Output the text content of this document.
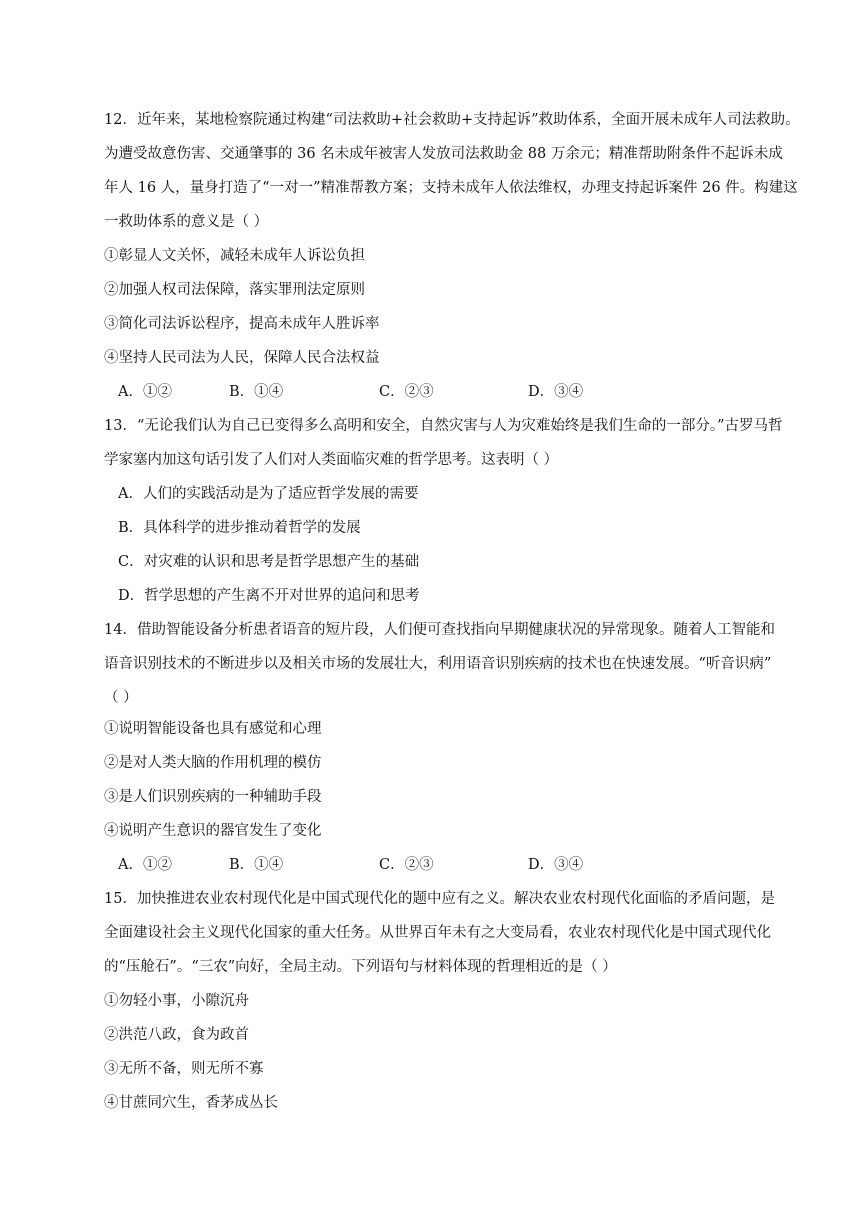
12．近年来，某地检察院通过构建“司法救助+社会救助+支持起诉”救助体系，全面开展未成年人司法救助。
为遭受故意伤害、交通肇事的 36 名未成年被害人发放司法救助金 88 万余元；精准帮助附条件不起诉未成
年人 16 人，量身打造了“一对一”精准帮教方案；支持未成年人依法维权，办理支持起诉案件 26 件。构建这
一救助体系的意义是（ ）
①彰显人文关怀，减轻未成年人诉讼负担
②加强人权司法保障，落实罪刑法定原则
③简化司法诉讼程序，提高未成年人胜诉率
④坚持人民司法为人民，保障人民合法权益
A．①②	B．①④	C．②③	D．③④
13．“无论我们认为自己已变得多么高明和安全，自然灾害与人为灾难始终是我们生命的一部分。”古罗马哲
学家塞内加这句话引发了人们对人类面临灾难的哲学思考。这表明（ ）
A．人们的实践活动是为了适应哲学发展的需要
B．具体科学的进步推动着哲学的发展
C．对灾难的认识和思考是哲学思想产生的基础
D．哲学思想的产生离不开对世界的追问和思考
14．借助智能设备分析患者语音的短片段，人们便可查找指向早期健康状况的异常现象。随着人工智能和
语音识别技术的不断进步以及相关市场的发展壮大，利用语音识别疾病的技术也在快速发展。“听音识病”
（ ）
①说明智能设备也具有感觉和心理
②是对人类大脑的作用机理的模仿
③是人们识别疾病的一种辅助手段
④说明产生意识的器官发生了变化
A．①②	B．①④	C．②③	D．③④
15．加快推进农业农村现代化是中国式现代化的题中应有之义。解决农业农村现代化面临的矛盾问题，是
全面建设社会主义现代化国家的重大任务。从世界百年未有之大变局看，农业农村现代化是中国式现代化
的“压舱石”。“三农”向好，全局主动。下列语句与材料体现的哲理相近的是（ ）
①勿轻小事，小隙沉舟
②洪范八政，食为政首
③无所不备，则无所不寡
④甘蔗同穴生，香茅成丛长
